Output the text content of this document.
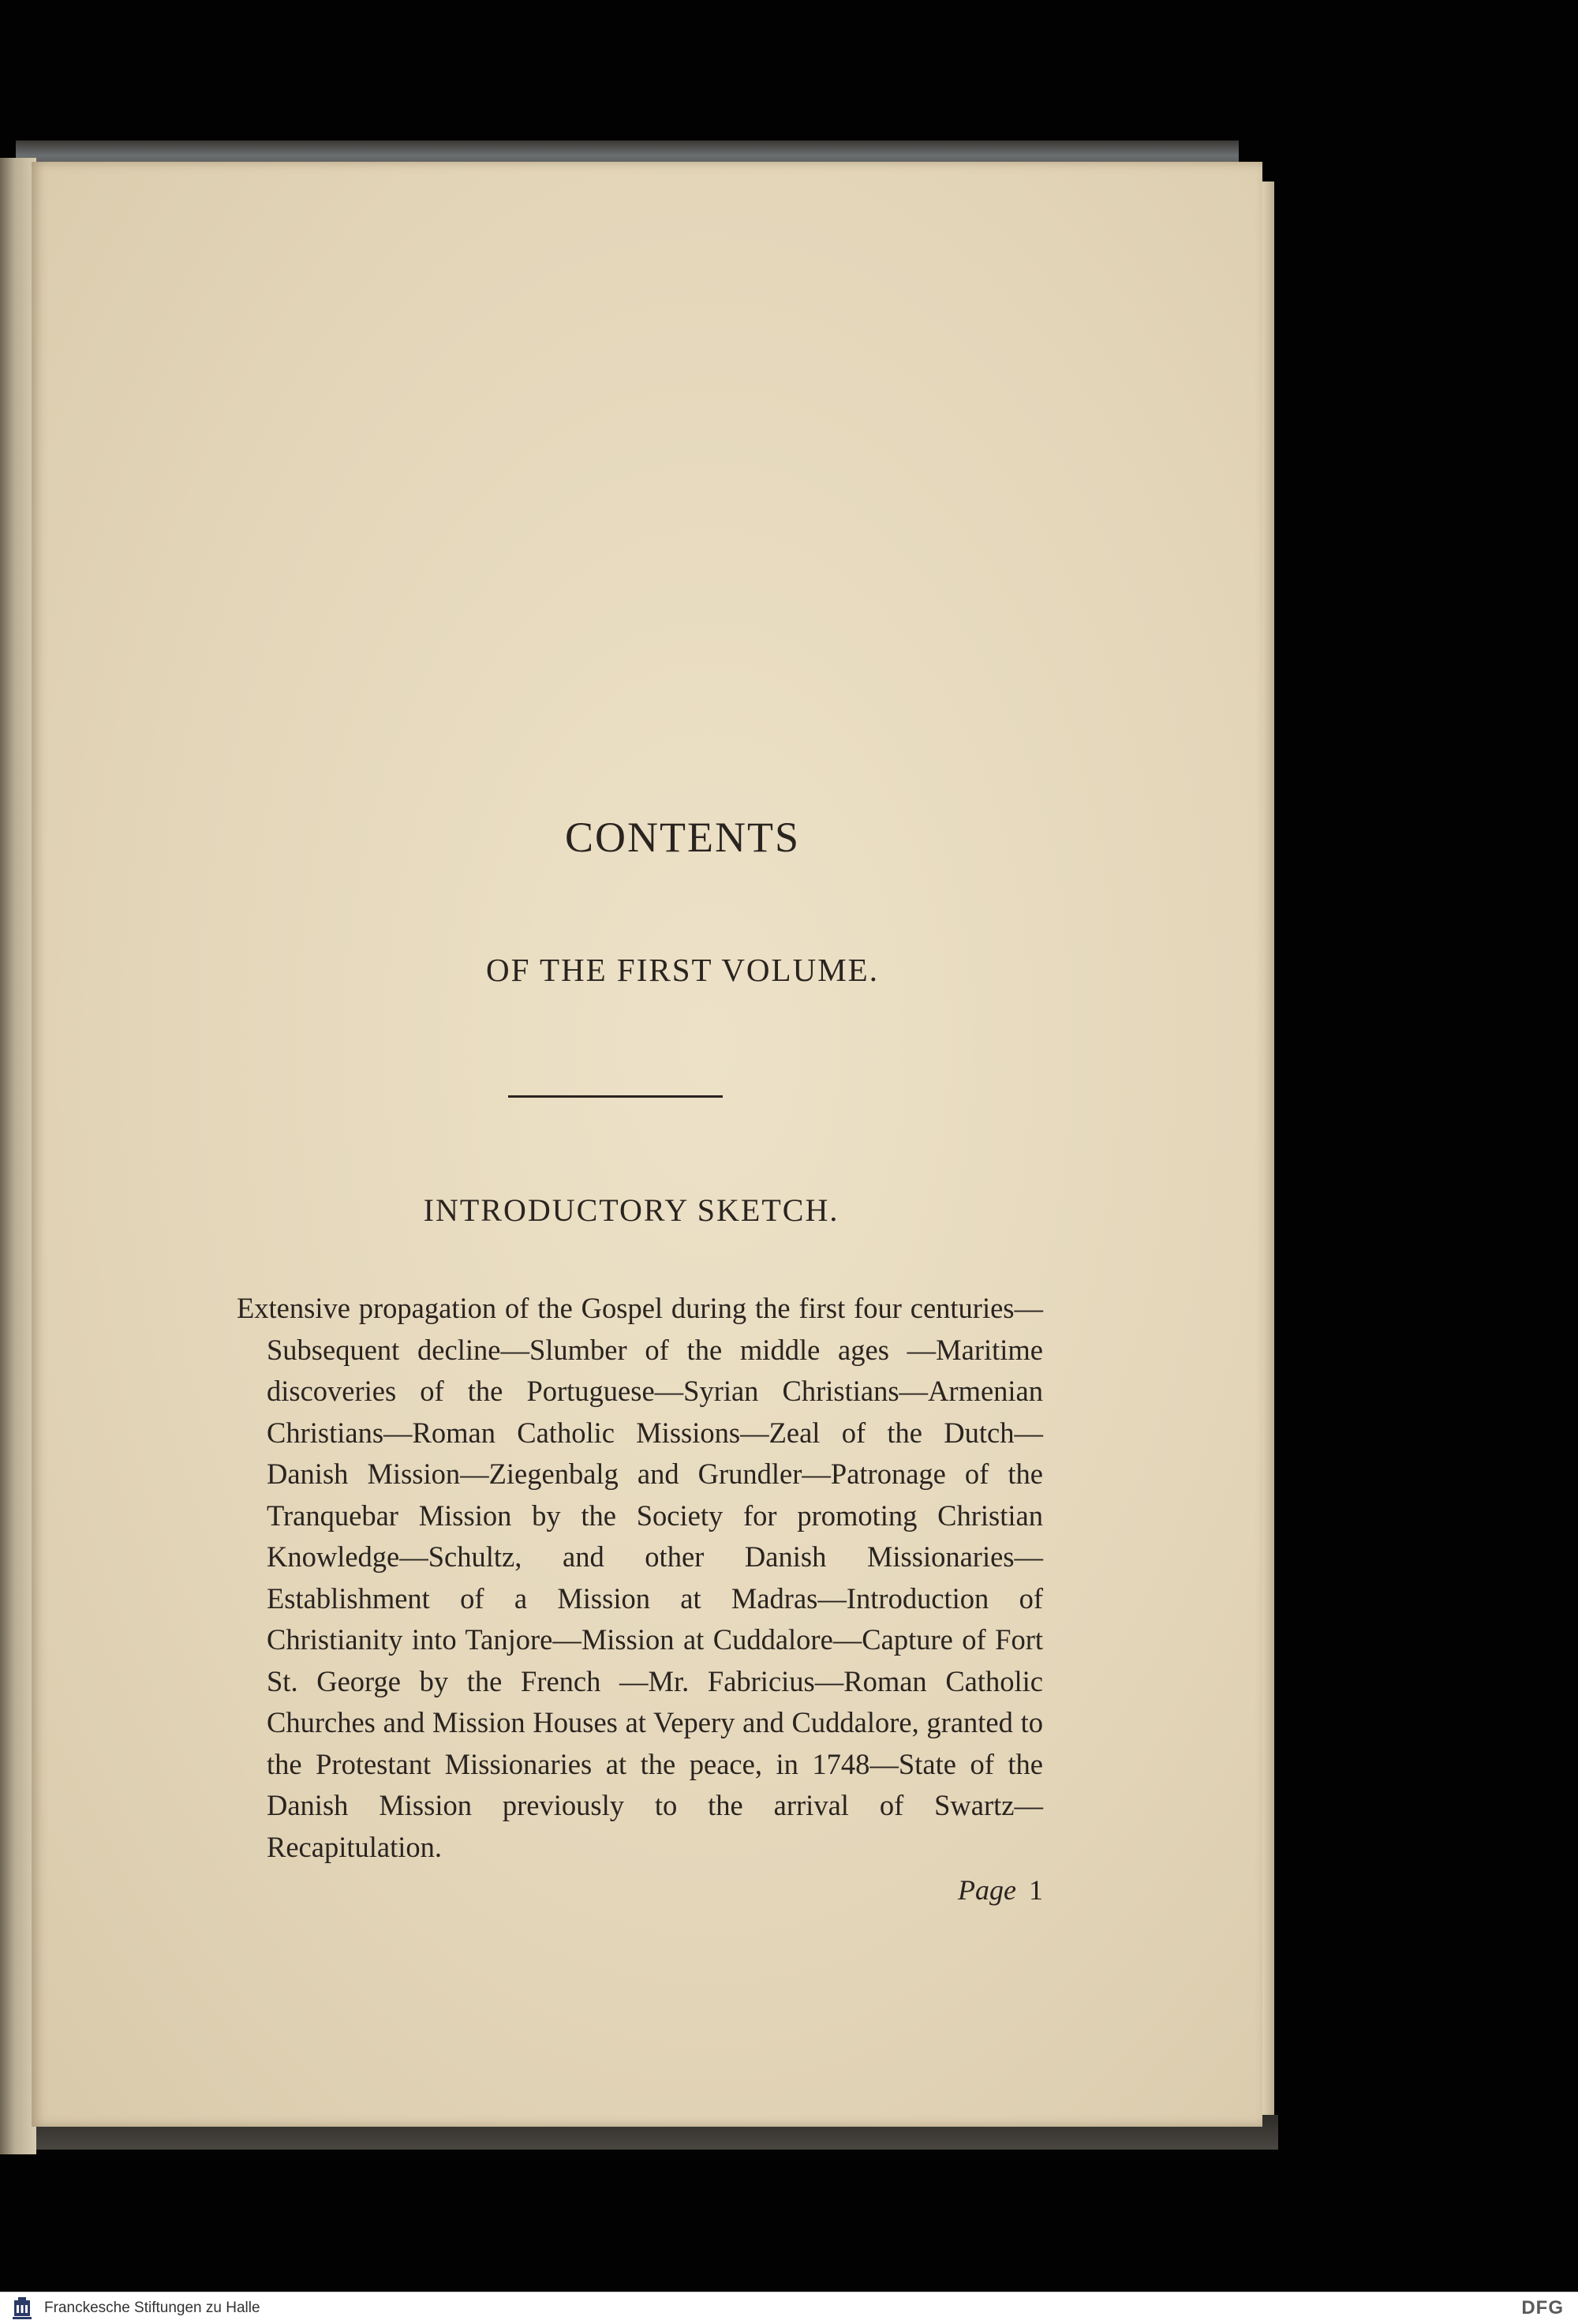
CONTENTS
OF THE FIRST VOLUME.
INTRODUCTORY SKETCH.
Extensive propagation of the Gospel during the first four centuries—Subsequent decline—Slumber of the middle ages —Maritime discoveries of the Portuguese—Syrian Christians—Armenian Christians—Roman Catholic Missions—Zeal of the Dutch—Danish Mission—Ziegenbalg and Grundler—Patronage of the Tranquebar Mission by the Society for promoting Christian Knowledge—Schultz, and other Danish Missionaries—Establishment of a Mission at Madras—Introduction of Christianity into Tanjore—Mission at Cuddalore—Capture of Fort St. George by the French —Mr. Fabricius—Roman Catholic Churches and Mission Houses at Vepery and Cuddalore, granted to the Protestant Missionaries at the peace, in 1748—State of the Danish Mission previously to the arrival of Swartz—Recapitulation.
Page 1
Franckesche Stiftungen zu Halle	DFG
